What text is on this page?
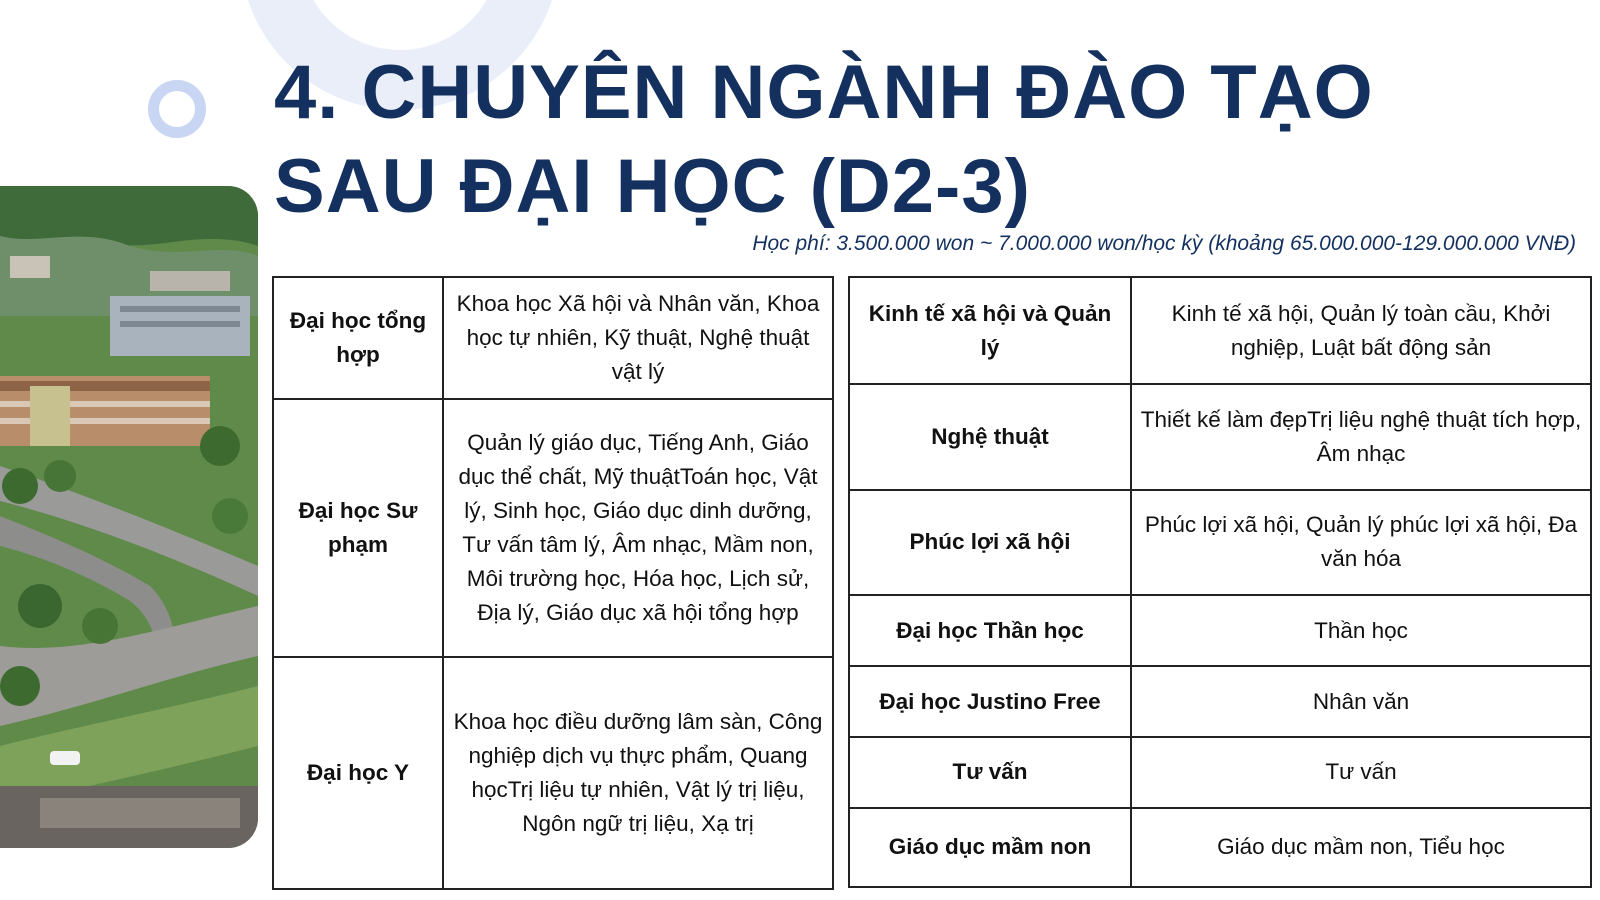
4. CHUYÊN NGÀNH ĐÀO TẠO
SAU ĐẠI HỌC (D2-3)
Học phí: 3.500.000 won ~ 7.000.000 won/học kỳ (khoảng 65.000.000-129.000.000 VNĐ)
Đại học tổng hợp	Khoa học Xã hội và Nhân văn, Khoa học tự nhiên, Kỹ thuật, Nghệ thuật vật lý
Đại học Sư phạm	Quản lý giáo dục, Tiếng Anh, Giáo dục thể chất, Mỹ thuậtToán học, Vật lý, Sinh học, Giáo dục dinh dưỡng, Tư vấn tâm lý, Âm nhạc, Mầm non, Môi trường học, Hóa học, Lịch sử, Địa lý, Giáo dục xã hội tổng hợp
Đại học Y	Khoa học điều dưỡng lâm sàn, Công nghiệp dịch vụ thực phẩm, Quang họcTrị liệu tự nhiên, Vật lý trị liệu, Ngôn ngữ trị liệu, Xạ trị
Kinh tế xã hội và Quản lý	Kinh tế xã hội, Quản lý toàn cầu, Khởi nghiệp, Luật bất động sản
Nghệ thuật	Thiết kế làm đẹpTrị liệu nghệ thuật tích hợp, Âm nhạc
Phúc lợi xã hội	Phúc lợi xã hội, Quản lý phúc lợi xã hội, Đa văn hóa
Đại học Thần học	Thần học
Đại học Justino Free	Nhân văn
Tư vấn	Tư vấn
Giáo dục mầm non	Giáo dục mầm non, Tiểu học
